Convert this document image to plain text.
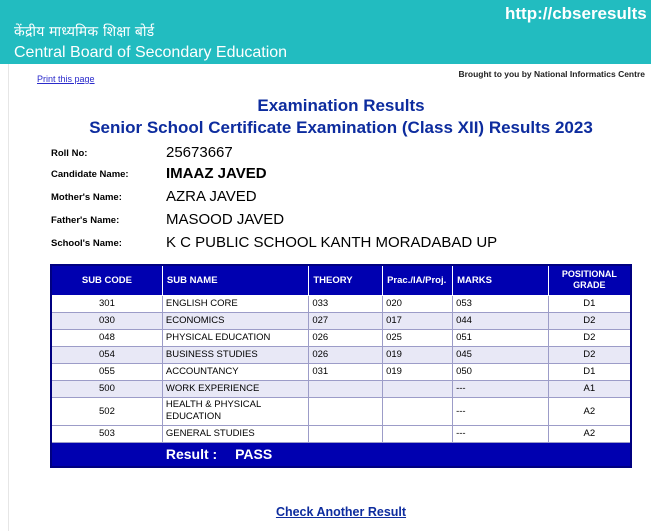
केंद्रीय माध्यमिक शिक्षा बोर्ड
Central Board of Secondary Education
http://cbseresults
Print this page	Brought to you by National Informatics Centre
Examination Results
Senior School Certificate Examination (Class XII) Results 2023
Roll No:	25673667
Candidate Name: IMAAZ JAVED
Mother's Name:	AZRA JAVED
Father's Name:	MASOOD JAVED
School's Name:	K C PUBLIC SCHOOL KANTH MORADABAD UP
SUB CODE	SUB NAME	THEORY	Prac./IA/Proj.	MARKS	POSITIONAL GRADE
301	ENGLISH CORE	033	020	053	D1
030	ECONOMICS	027	017	044	D2
048	PHYSICAL EDUCATION	026	025	051	D2
054	BUSINESS STUDIES	026	019	045	D2
055	ACCOUNTANCY	031	019	050	D1
500	WORK EXPERIENCE			---	A1
502	HEALTH & PHYSICAL EDUCATION			---	A2
503	GENERAL STUDIES			---	A2
	Result : PASS				
Check Another Result
